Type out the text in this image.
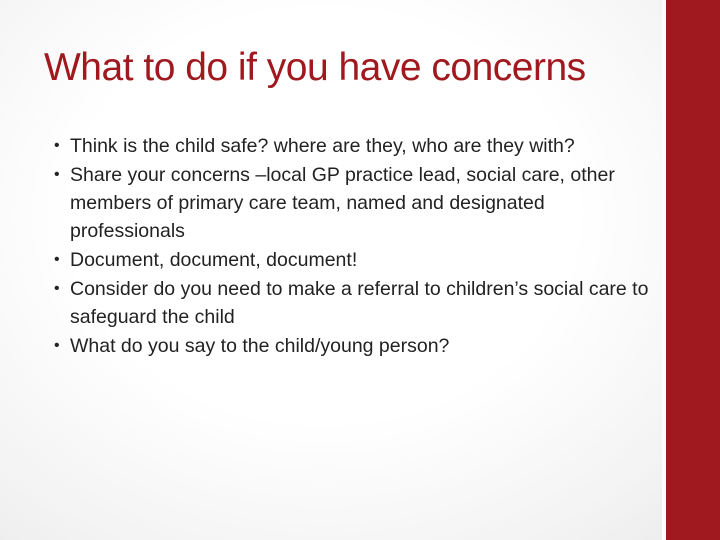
What to do if you have concerns
• Think is the child safe? where are they, who are they with?
• Share your concerns –local GP practice lead, social care, other members of primary care team, named and designated professionals
• Document, document, document!
• Consider do you need to make a referral to children’s social care to safeguard the child
• What do you say to the child/young person?
